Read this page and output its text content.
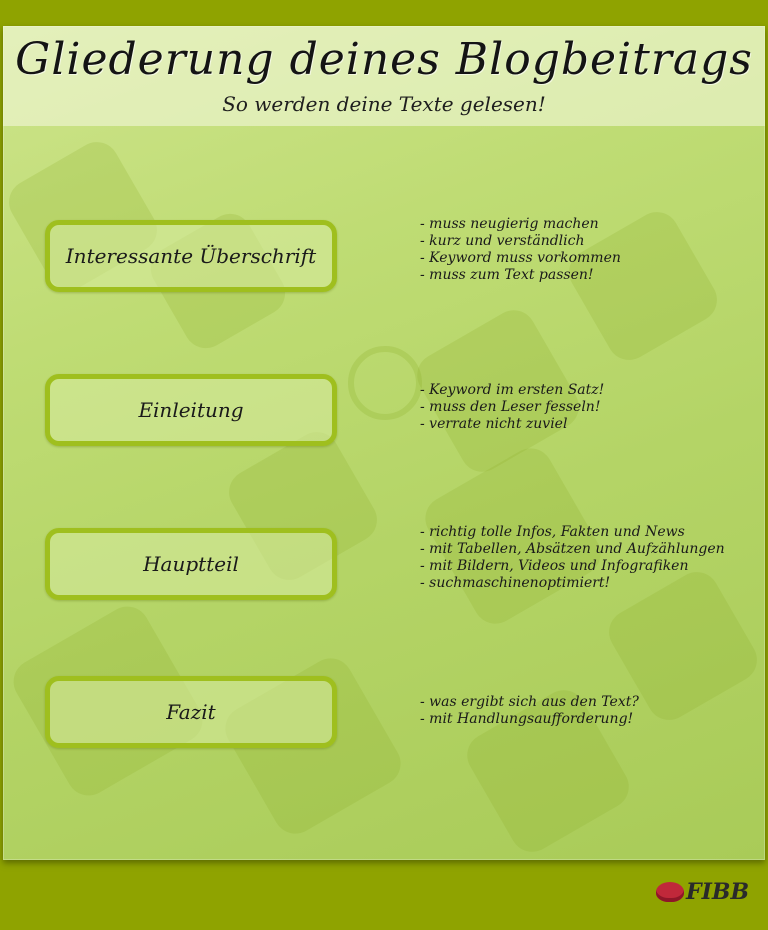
Gliederung deines Blogbeitrags
So werden deine Texte gelesen!
Interessante Überschrift
- muss neugierig machen
- kurz und verständlich
- Keyword muss vorkommen
- muss zum Text passen!
Einleitung
- Keyword im ersten Satz!
- muss den Leser fesseln!
- verrate nicht zuviel
Hauptteil
- richtig tolle Infos, Fakten und News
- mit Tabellen, Absätzen und Aufzählungen
- mit Bildern, Videos und Infografiken
- suchmaschinenoptimiert!
Fazit	- was ergibt sich aus den Text?
- mit Handlungsaufforderung!
FIBB
